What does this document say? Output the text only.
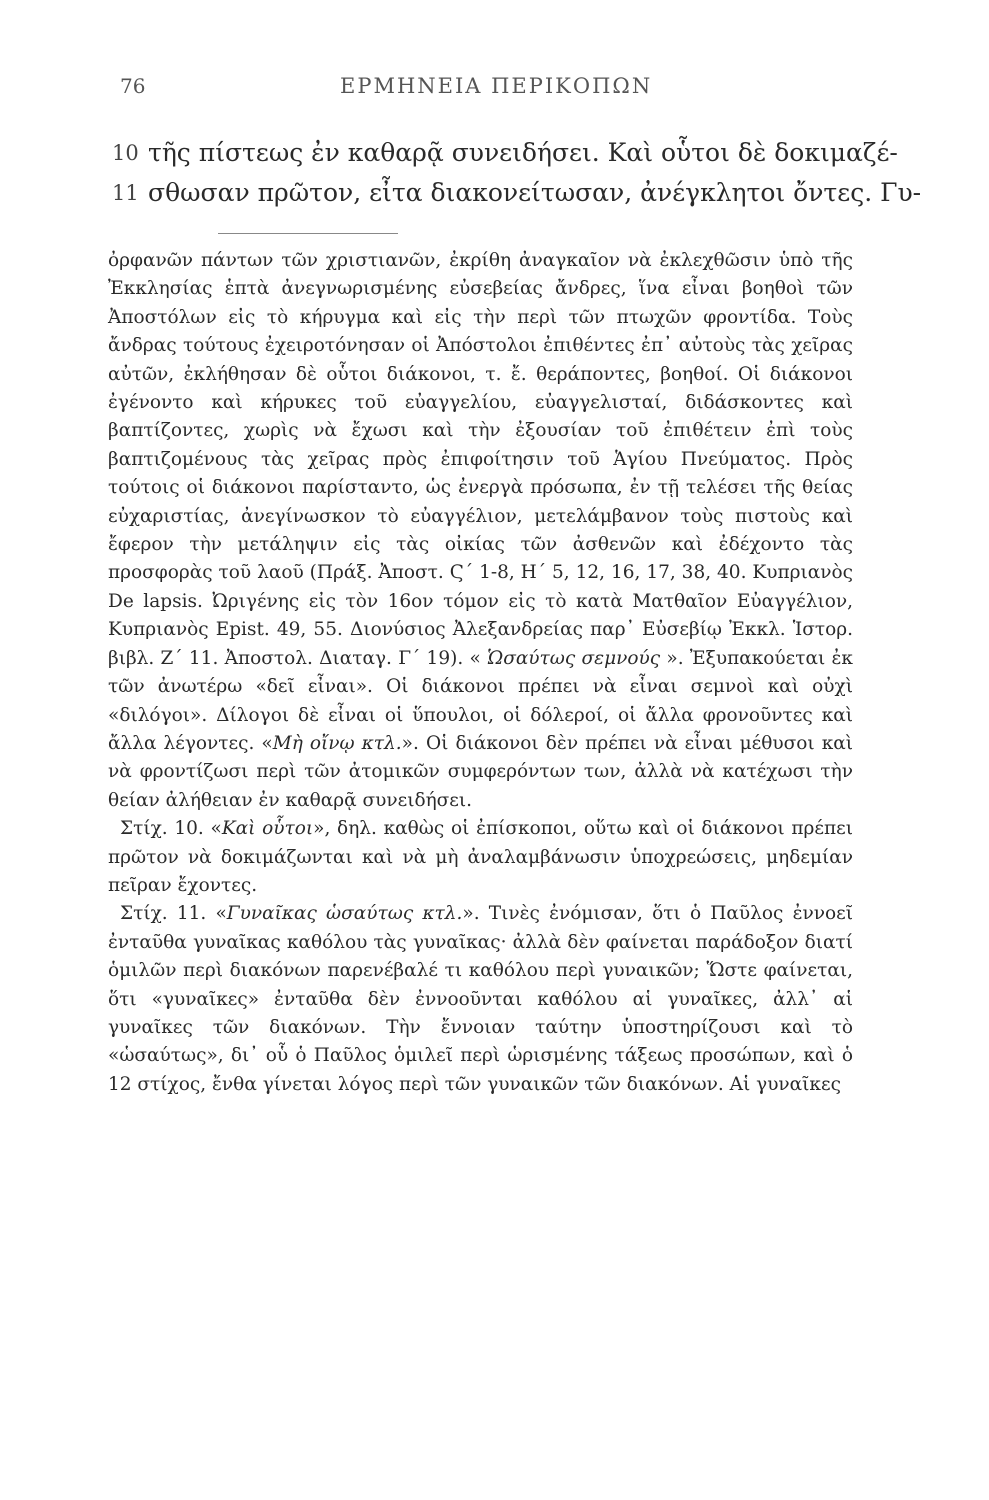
76	ΕΡΜΗΝΕΙΑ ΠΕΡΙΚΟΠΩΝ
10 τῆς πίστεως ἐν καθαρᾷ συνειδήσει. Καὶ οὗτοι δὲ δοκιμαζέ-
11 σθωσαν πρῶτον, εἶτα διακονείτωσαν, ἀνέγκλητοι ὄντες. Γυ-

ὀρφανῶν πάντων τῶν χριστιανῶν, ἐκρίθη ἀναγκαῖον νὰ ἐκλεχθῶσιν ὑπὸ τῆς Ἐκκλησίας ἑπτὰ ἀνεγνωρισμένης εὐσεβείας ἄνδρες, ἵνα εἶναι βοηθοὶ τῶν Ἀποστόλων εἰς τὸ κήρυγμα καὶ εἰς τὴν περὶ τῶν πτωχῶν φροντίδα. Τοὺς ἄνδρας τούτους ἐχειροτόνησαν οἱ Ἀπόστολοι ἐπιθέντες ἐπ᾽ αὐτοὺς τὰς χεῖρας αὐτῶν, ἐκλήθησαν δὲ οὗτοι διάκονοι, τ. ἔ. θεράποντες, βοηθοί. Οἱ διάκονοι ἐγένοντο καὶ κήρυκες τοῦ εὐαγγελίου, εὐαγγελισταί, διδάσκοντες καὶ βαπτίζοντες, χωρὶς νὰ ἔχωσι καὶ τὴν ἐξουσίαν τοῦ ἐπιθέτειν ἐπὶ τοὺς βαπτιζομένους τὰς χεῖρας πρὸς ἐπιφοίτησιν τοῦ Ἁγίου Πνεύματος. Πρὸς τούτοις οἱ διάκονοι παρίσταντο, ὡς ἐνεργὰ πρόσωπα, ἐν τῇ τελέσει τῆς θείας εὐχαριστίας, ἀνεγίνωσκον τὸ εὐαγγέλιον, μετελάμβανον τοὺς πιστοὺς καὶ ἔφερον τὴν μετάληψιν εἰς τὰς οἰκίας τῶν ἀσθενῶν καὶ ἐδέχοντο τὰς προσφορὰς τοῦ λαοῦ (Πράξ. Ἀποστ. Ϛ΄ 1-8, Η΄ 5, 12, 16, 17, 38, 40. Κυπριανὸς De lapsis. Ὠριγένης εἰς τὸν 16ον τόμον εἰς τὸ κατὰ Ματθαῖον Εὐαγγέλιον, Κυπριανὸς Epist. 49, 55. Διονύσιος Ἀλεξανδρείας παρ᾽ Εὐσεβίῳ Ἐκκλ. Ἱστορ. βιβλ. Ζ΄ 11. Ἀποστολ. Διαταγ. Γ΄ 19). « Ὡσαύτως σεμνούς ». Ἐξυπακούεται ἐκ τῶν ἀνωτέρω «δεῖ εἶναι». Οἱ διάκονοι πρέπει νὰ εἶναι σεμνοὶ καὶ οὐχὶ «διλόγοι». Δίλογοι δὲ εἶναι οἱ ὕπουλοι, οἱ δόλεροί, οἱ ἄλλα φρονοῦντες καὶ ἄλλα λέγοντες. «Μὴ οἴνῳ κτλ.». Οἱ διάκονοι δὲν πρέπει νὰ εἶναι μέθυσοι καὶ νὰ φροντίζωσι περὶ τῶν ἀτομικῶν συμφερόντων των, ἀλλὰ νὰ κατέχωσι τὴν θείαν ἀλήθειαν ἐν καθαρᾷ συνειδήσει.

Στίχ. 10. «Καὶ οὗτοι», δηλ. καθὼς οἱ ἐπίσκοποι, οὕτω καὶ οἱ διάκονοι πρέπει πρῶτον νὰ δοκιμάζωνται καὶ νὰ μὴ ἀναλαμβάνωσιν ὑποχρεώσεις, μηδεμίαν πεῖραν ἔχοντες.

Στίχ. 11. «Γυναῖκας ὡσαύτως κτλ.». Τινὲς ἐνόμισαν, ὅτι ὁ Παῦλος ἐννοεῖ ἐνταῦθα γυναῖκας καθόλου τὰς γυναῖκας· ἀλλὰ δὲν φαίνεται παράδοξον διατί ὁμιλῶν περὶ διακόνων παρενέβαλέ τι καθόλου περὶ γυναικῶν; Ὥστε φαίνεται, ὅτι «γυναῖκες» ἐνταῦθα δὲν ἐννοοῦνται καθόλου αἱ γυναῖκες, ἀλλ᾽ αἱ γυναῖκες τῶν διακόνων. Τὴν ἔννοιαν ταύτην ὑποστηρίζουσι καὶ τὸ «ὡσαύτως», δι᾽ οὗ ὁ Παῦλος ὁμιλεῖ περὶ ὡρισμένης τάξεως προσώπων, καὶ ὁ 12 στίχος, ἔνθα γίνεται λόγος περὶ τῶν γυναικῶν τῶν διακόνων. Αἱ γυναῖκες
